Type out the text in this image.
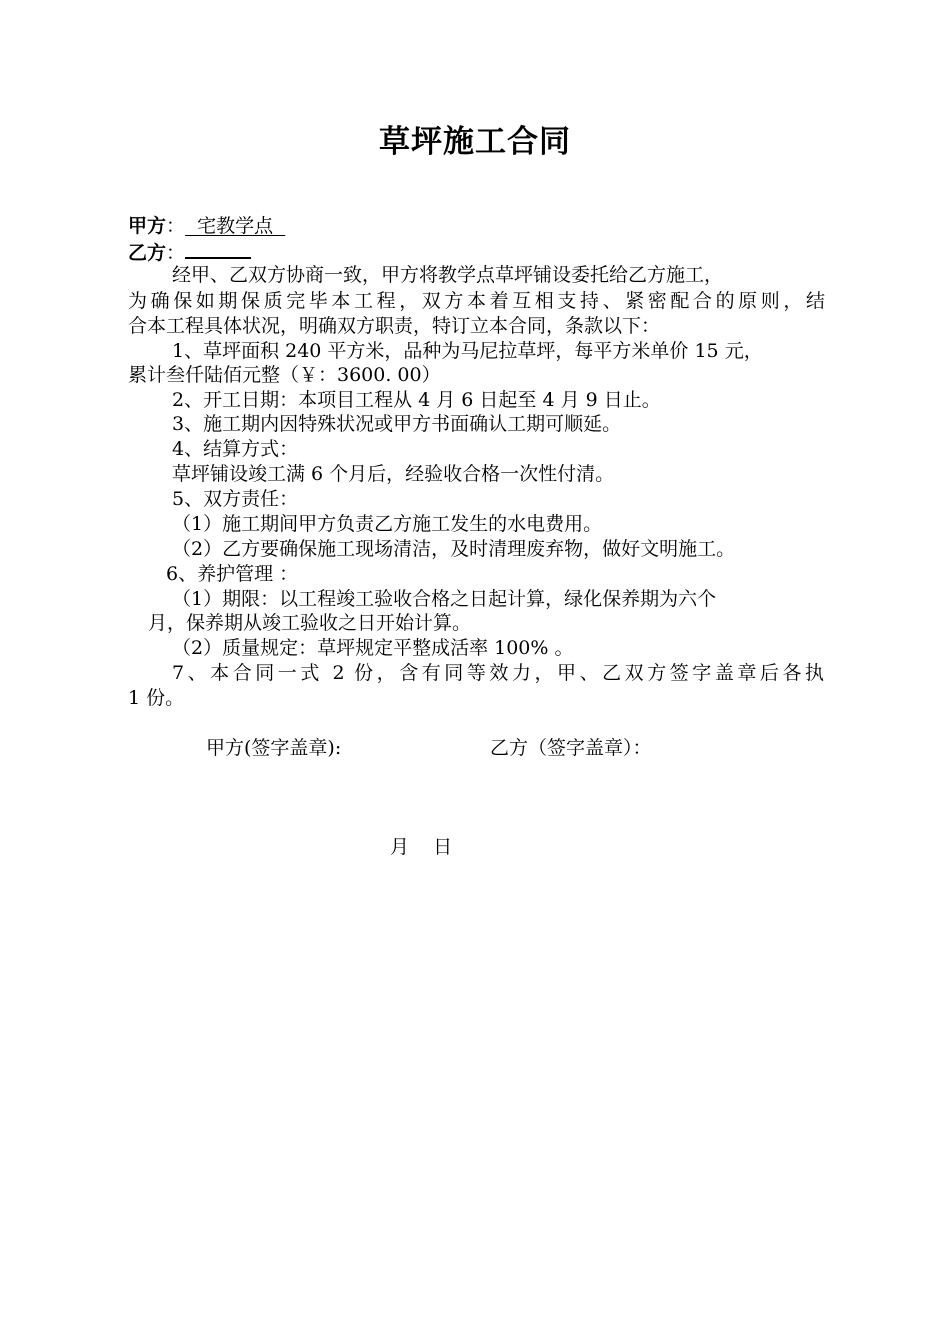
草坪施工合同
甲方：  宅教学点
乙方：
经甲、乙双方协商一致，甲方将教学点草坪铺设委托给乙方施工，
为确保如期保质完毕本工程，双方本着互相支持、紧密配合的原则，结
合本工程具体状况，明确双方职责，特订立本合同，条款以下：
1、草坪面积 240 平方米，品种为马尼拉草坪，每平方米单价 15 元，
累计叁仟陆佰元整（￥：3600. 00）
2、开工日期：本项目工程从 4 月 6 日起至 4 月 9 日止。
3、施工期内因特殊状况或甲方书面确认工期可顺延。
4、结算方式：
草坪铺设竣工满 6 个月后，经验收合格一次性付清。
5、双方责任：
（1）施工期间甲方负责乙方施工发生的水电费用。
（2）乙方要确保施工现场清洁，及时清理废弃物，做好文明施工。
6、养护管理 ：
（1）期限：以工程竣工验收合格之日起计算，绿化保养期为六个
月，保养期从竣工验收之日开始计算。
（2）质量规定：草坪规定平整成活率 100% 。
7、本合同一式 2 份，含有同等效力，甲、乙双方签字盖章后各执
1 份。
甲方(签字盖章):	乙方（签字盖章）：
月    日
